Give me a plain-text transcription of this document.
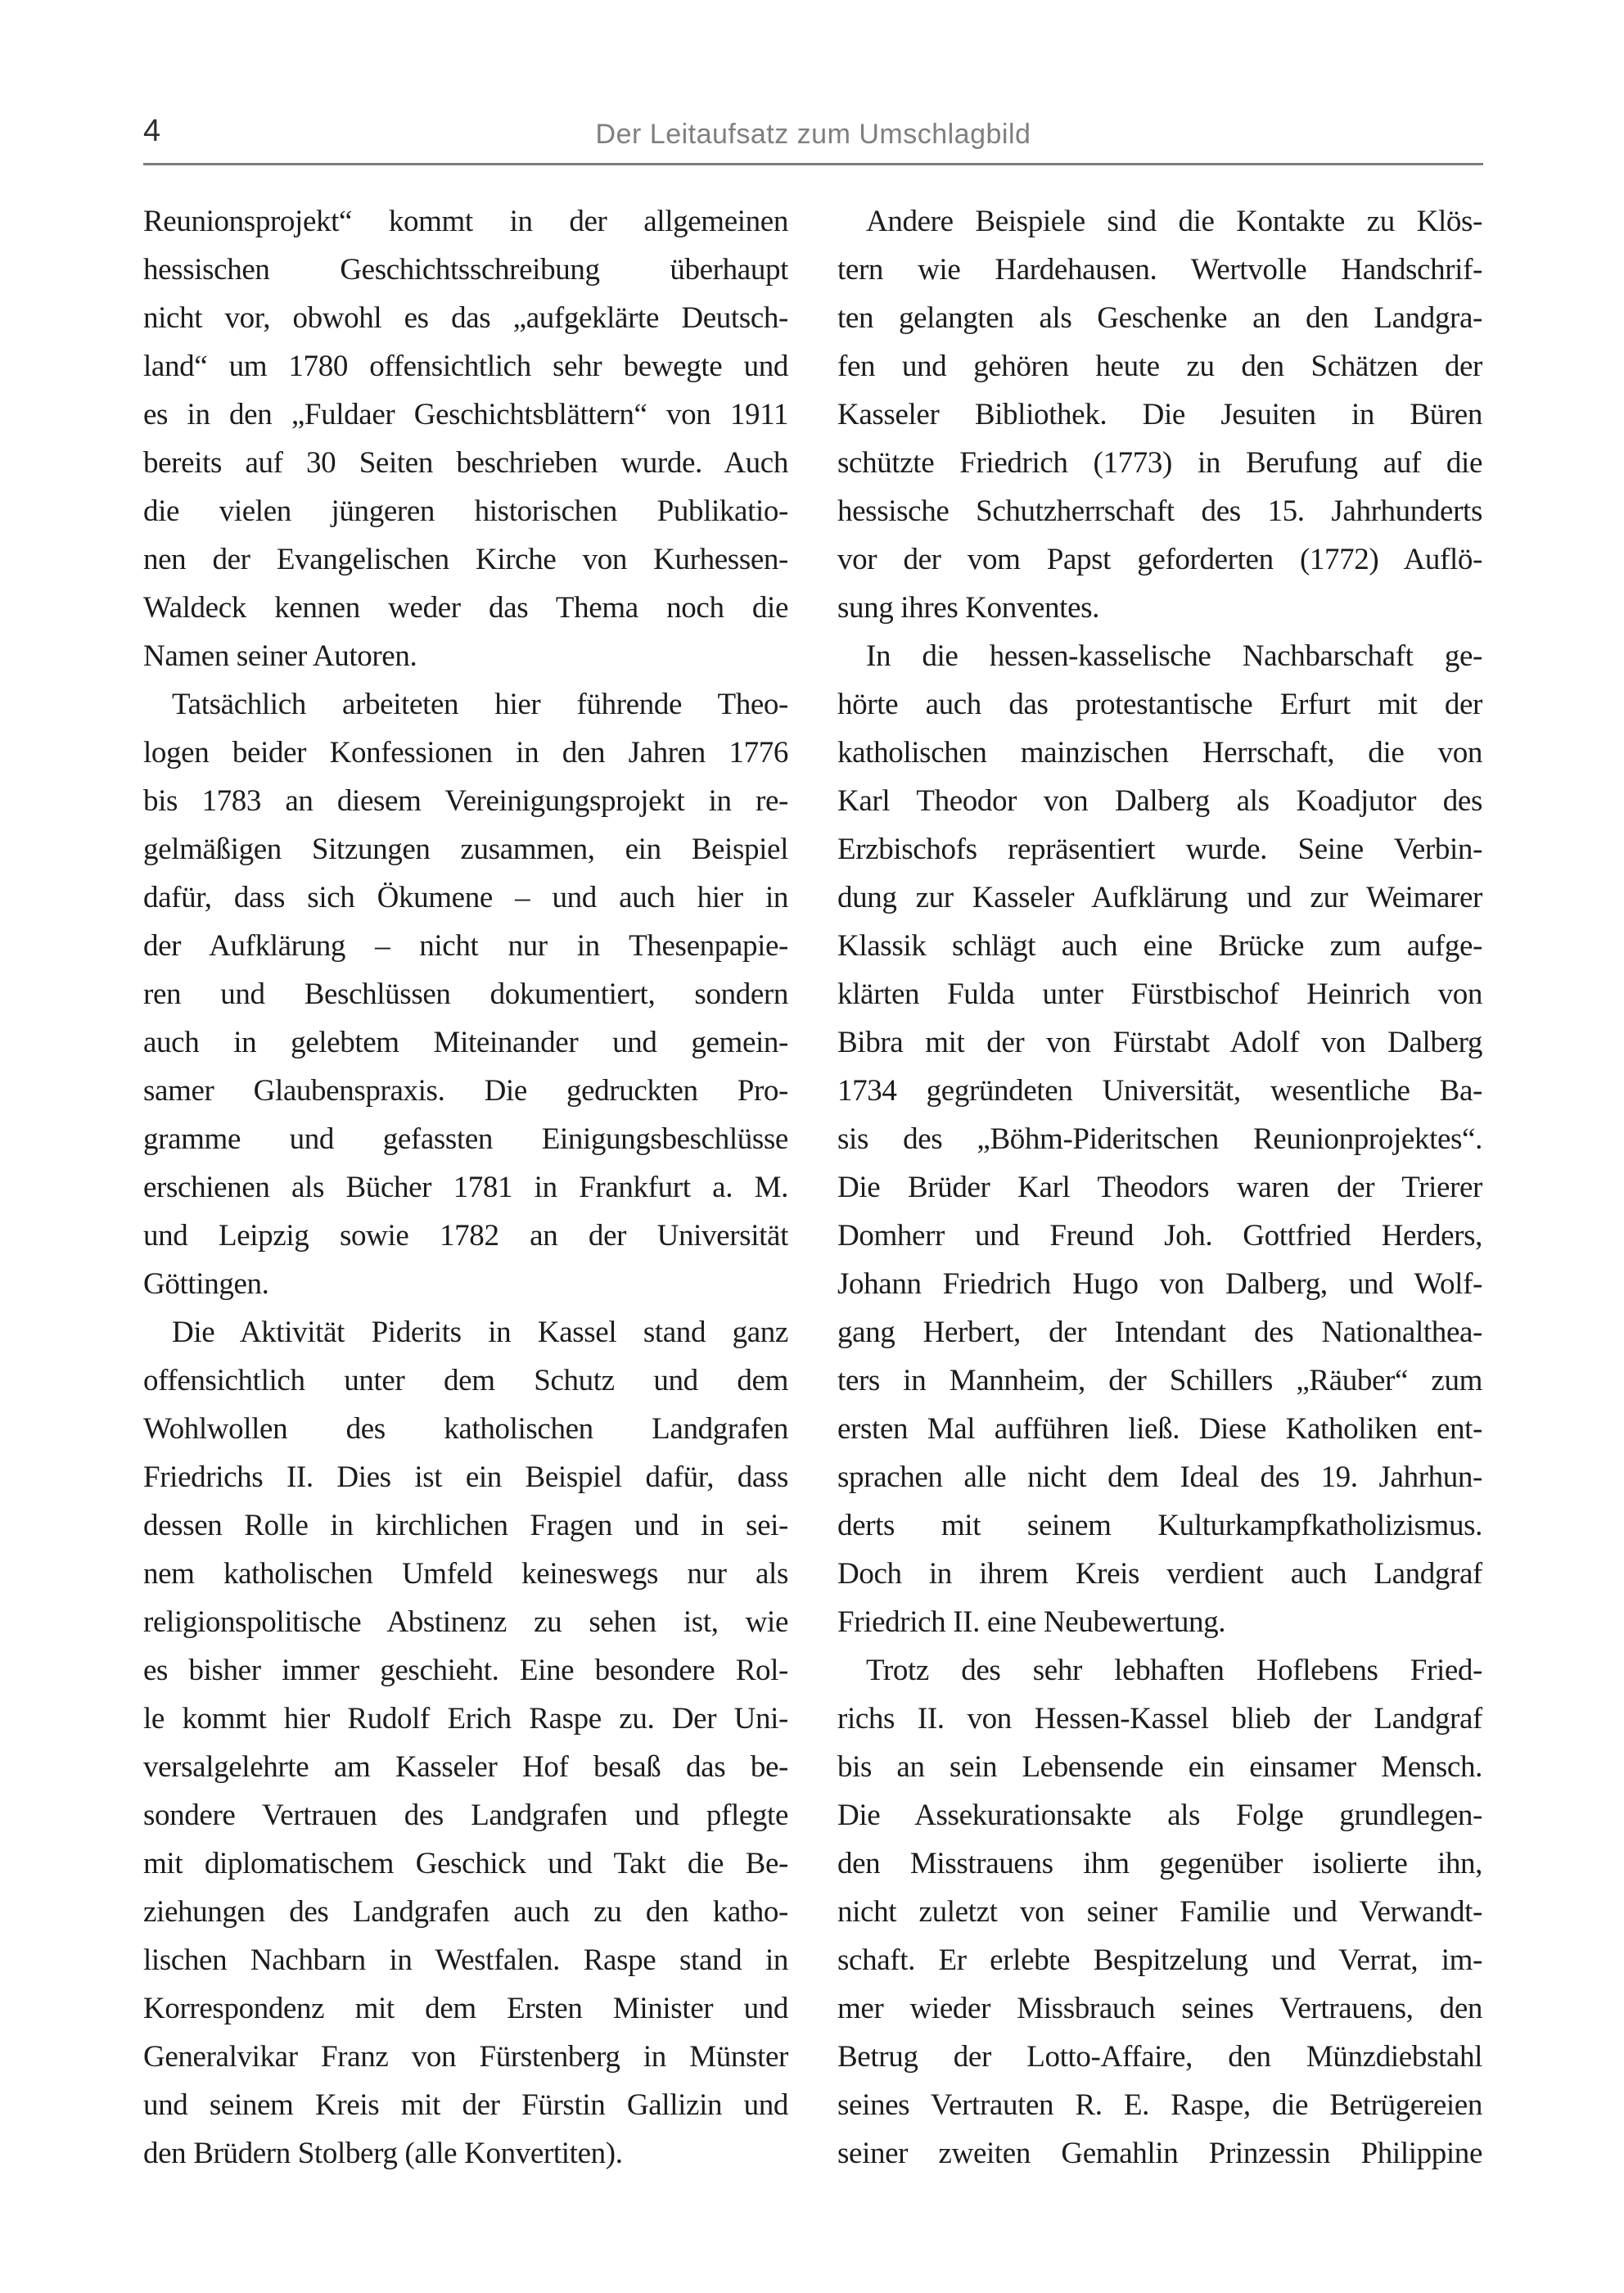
4	Der Leitaufsatz zum Umschlagbild
Reunionsprojekt“ kommt in der allgemeinen
hessischen Geschichtsschreibung überhaupt
nicht vor, obwohl es das „aufgeklärte Deutsch-
land“ um 1780 offensichtlich sehr bewegte und
es in den „Fuldaer Geschichtsblättern“ von 1911
bereits auf 30 Seiten beschrieben wurde. Auch
die vielen jüngeren historischen Publikatio-
nen der Evangelischen Kirche von Kurhessen-
Waldeck kennen weder das Thema noch die
Namen seiner Autoren.
Tatsächlich arbeiteten hier führende Theo-
logen beider Konfessionen in den Jahren 1776
bis 1783 an diesem Vereinigungsprojekt in re-
gelmäßigen Sitzungen zusammen, ein Beispiel
dafür, dass sich Ökumene – und auch hier in
der Aufklärung – nicht nur in Thesenpapie-
ren und Beschlüssen dokumentiert, sondern
auch in gelebtem Miteinander und gemein-
samer Glaubenspraxis. Die gedruckten Pro-
gramme und gefassten Einigungsbeschlüsse
erschienen als Bücher 1781 in Frankfurt a. M.
und Leipzig sowie 1782 an der Universität
Göttingen.
Die Aktivität Piderits in Kassel stand ganz
offensichtlich unter dem Schutz und dem
Wohlwollen des katholischen Landgrafen
Friedrichs II. Dies ist ein Beispiel dafür, dass
dessen Rolle in kirchlichen Fragen und in sei-
nem katholischen Umfeld keineswegs nur als
religionspolitische Abstinenz zu sehen ist, wie
es bisher immer geschieht. Eine besondere Rol-
le kommt hier Rudolf Erich Raspe zu. Der Uni-
versalgelehrte am Kasseler Hof besaß das be-
sondere Vertrauen des Landgrafen und pflegte
mit diplomatischem Geschick und Takt die Be-
ziehungen des Landgrafen auch zu den katho-
lischen Nachbarn in Westfalen. Raspe stand in
Korrespondenz mit dem Ersten Minister und
Generalvikar Franz von Fürstenberg in Münster
und seinem Kreis mit der Fürstin Gallizin und
den Brüdern Stolberg (alle Konvertiten).
Andere Beispiele sind die Kontakte zu Klös-
tern wie Hardehausen. Wertvolle Handschrif-
ten gelangten als Geschenke an den Landgra-
fen und gehören heute zu den Schätzen der
Kasseler Bibliothek. Die Jesuiten in Büren
schützte Friedrich (1773) in Berufung auf die
hessische Schutzherrschaft des 15. Jahrhunderts
vor der vom Papst geforderten (1772) Auflö-
sung ihres Konventes.
In die hessen-kasselische Nachbarschaft ge-
hörte auch das protestantische Erfurt mit der
katholischen mainzischen Herrschaft, die von
Karl Theodor von Dalberg als Koadjutor des
Erzbischofs repräsentiert wurde. Seine Verbin-
dung zur Kasseler Aufklärung und zur Weimarer
Klassik schlägt auch eine Brücke zum aufge-
klärten Fulda unter Fürstbischof Heinrich von
Bibra mit der von Fürstabt Adolf von Dalberg
1734 gegründeten Universität, wesentliche Ba-
sis des „Böhm-Pideritschen Reunionprojektes“.
Die Brüder Karl Theodors waren der Trierer
Domherr und Freund Joh. Gottfried Herders,
Johann Friedrich Hugo von Dalberg, und Wolf-
gang Herbert, der Intendant des Nationalthea-
ters in Mannheim, der Schillers „Räuber“ zum
ersten Mal aufführen ließ. Diese Katholiken ent-
sprachen alle nicht dem Ideal des 19. Jahrhun-
derts mit seinem Kulturkampfkatholizismus.
Doch in ihrem Kreis verdient auch Landgraf
Friedrich II. eine Neubewertung.
Trotz des sehr lebhaften Hoflebens Fried-
richs II. von Hessen-Kassel blieb der Landgraf
bis an sein Lebensende ein einsamer Mensch.
Die Assekurationsakte als Folge grundlegen-
den Misstrauens ihm gegenüber isolierte ihn,
nicht zuletzt von seiner Familie und Verwandt-
schaft. Er erlebte Bespitzelung und Verrat, im-
mer wieder Missbrauch seines Vertrauens, den
Betrug der Lotto-Affaire, den Münzdiebstahl
seines Vertrauten R. E. Raspe, die Betrügereien
seiner zweiten Gemahlin Prinzessin Philippine
